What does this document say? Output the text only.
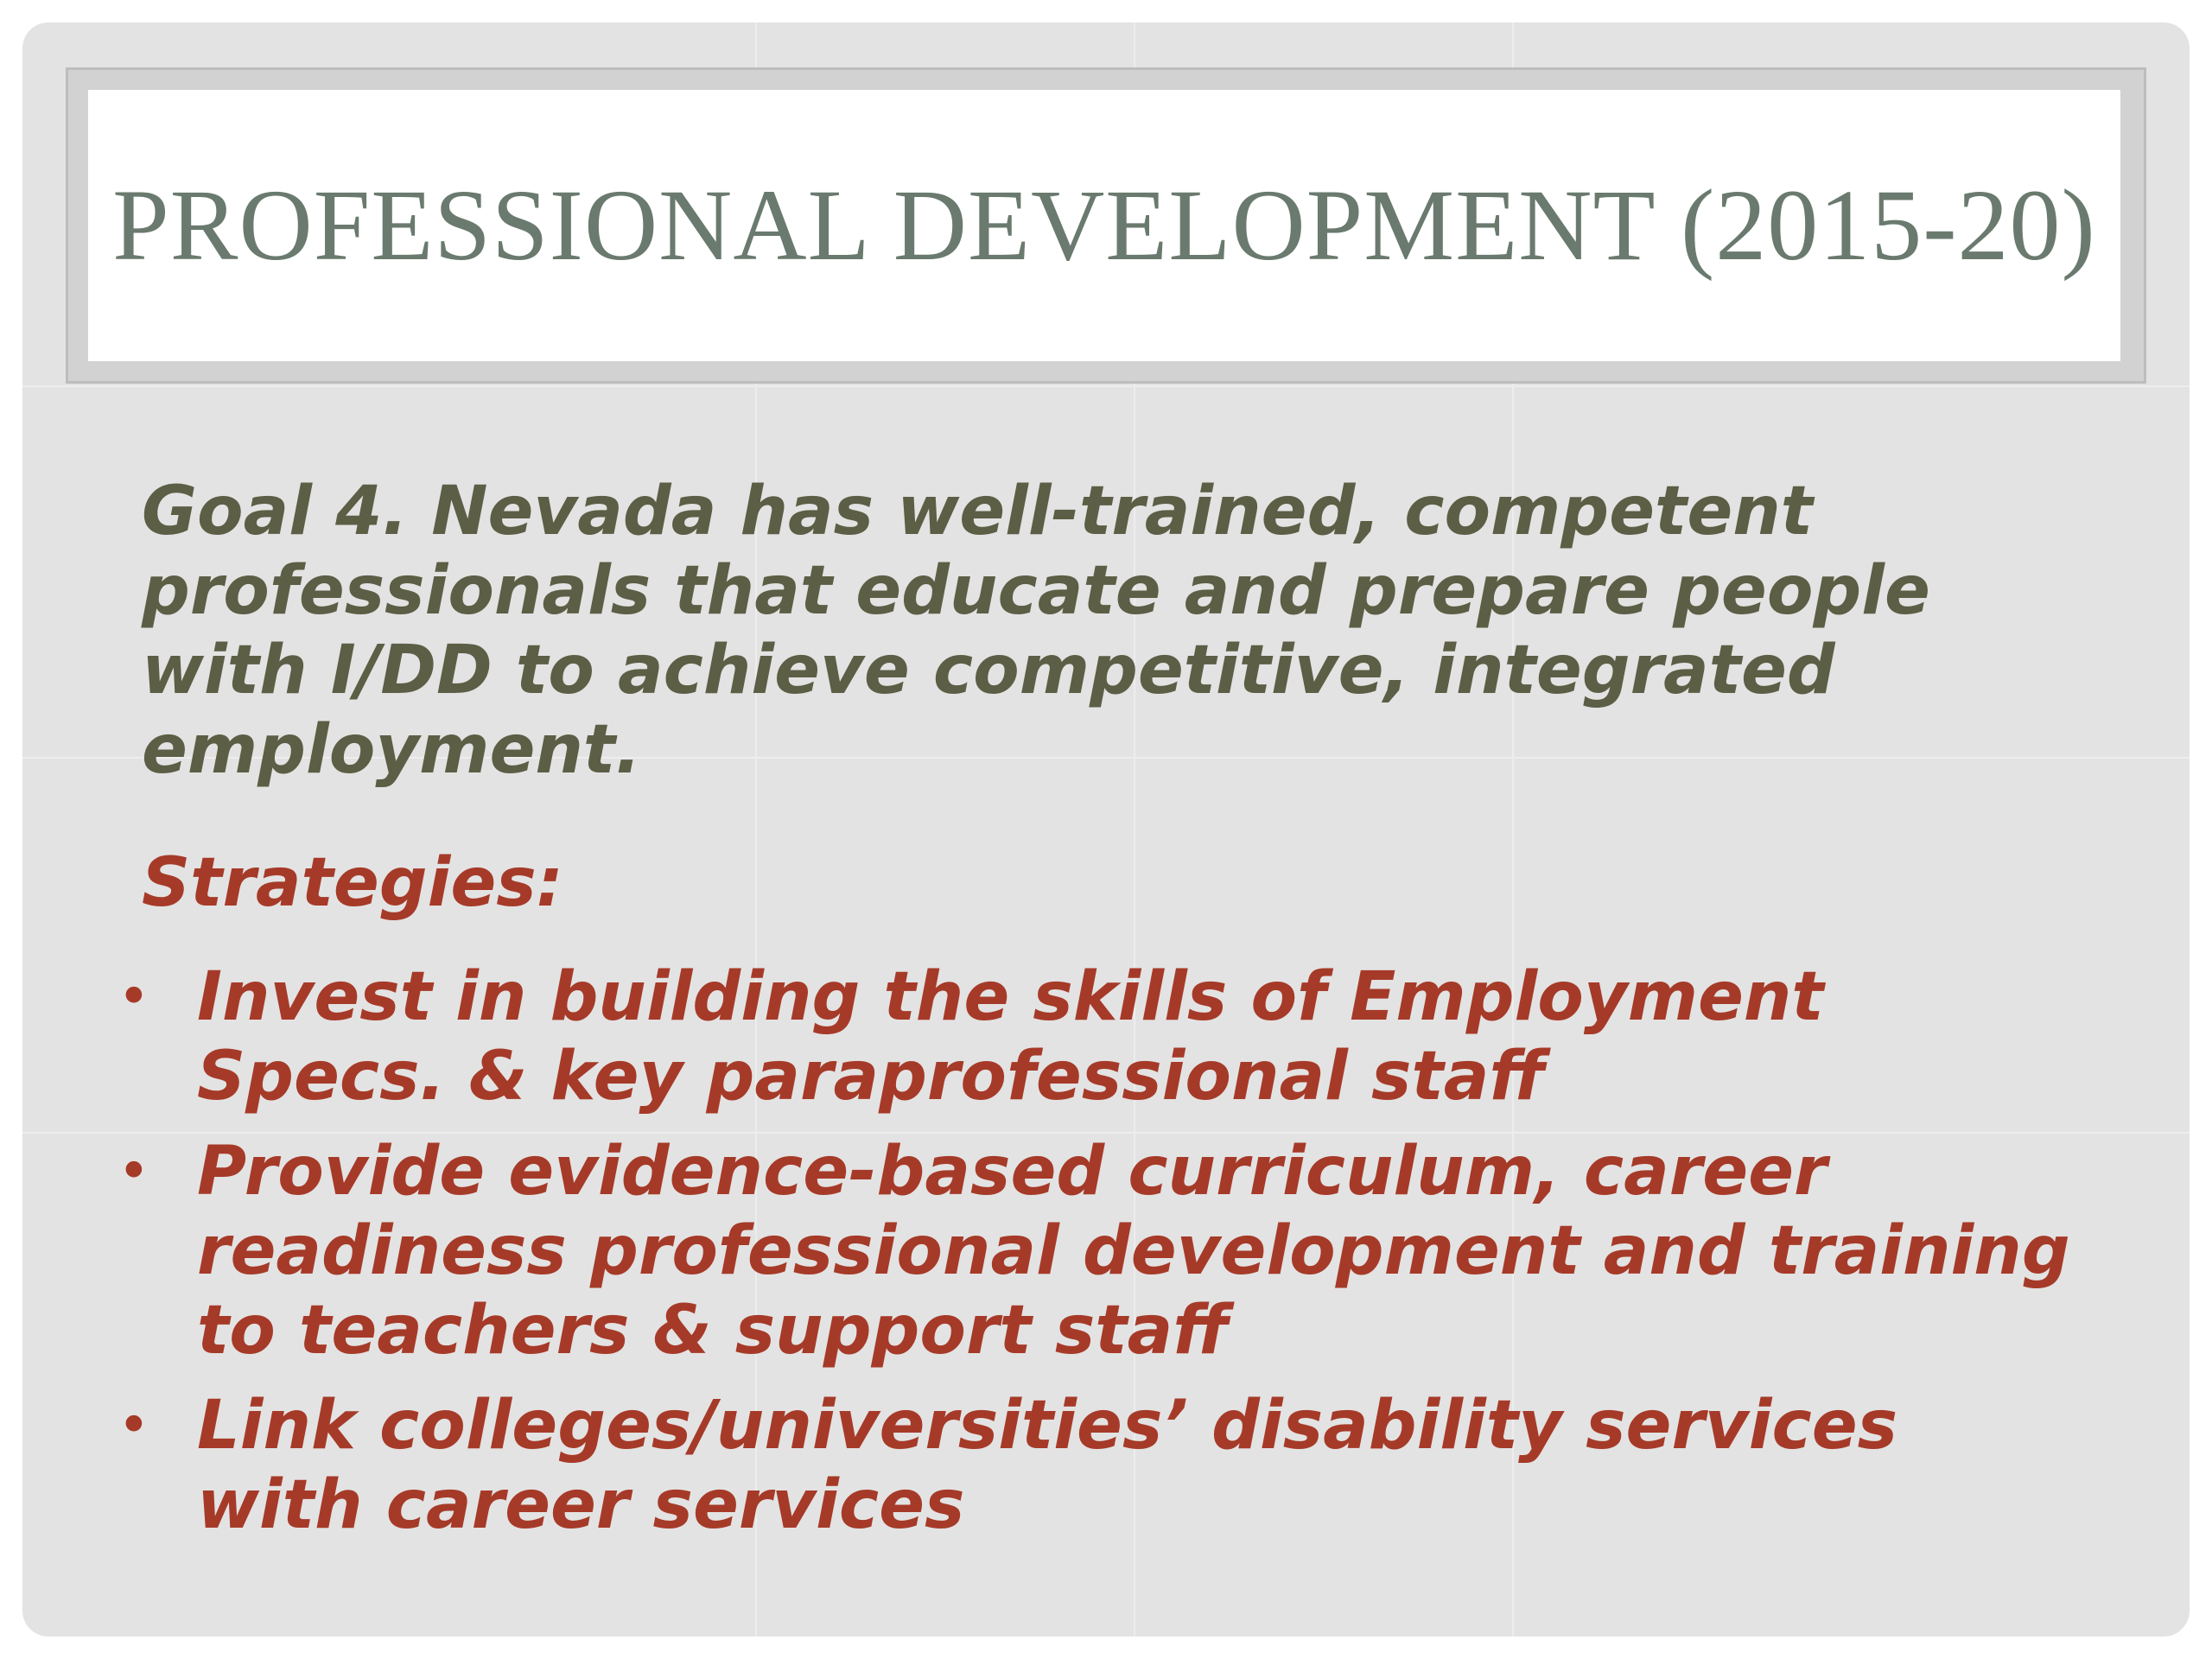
PROFESSIONAL DEVELOPMENT (2015-20)
Goal 4. Nevada has well-trained, competent professionals that educate and prepare people with I/DD to achieve competitive, integrated employment.
Strategies:
• Invest in building the skills of Employment Specs. & key paraprofessional staff
• Provide evidence-based curriculum, career readiness professional development and training to teachers & support staff
• Link colleges/universities’ disability services with career services
